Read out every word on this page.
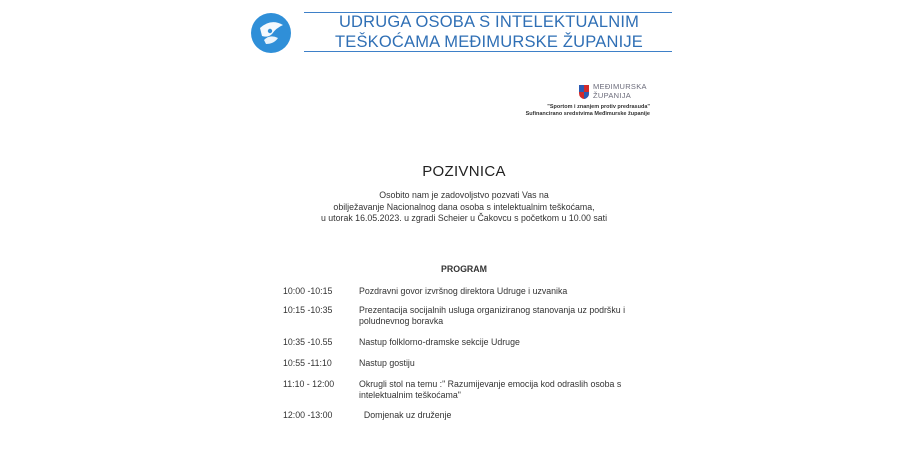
UDRUGA OSOBA S INTELEKTUALNIM
TEŠKOĆAMA MEĐIMURSKE ŽUPANIJE
MEĐIMURSKA
ŽUPANIJA
"Sportom i znanjem protiv predrasuda"
Sufinancirano sredstvima Međimurske županije
POZIVNICA
Osobito nam je zadovoljstvo pozvati Vas na
obilježavanje Nacionalnog dana osoba s intelektualnim teškoćama,
u utorak 16.05.2023. u zgradi Scheier u Čakovcu s početkom u 10.00 sati
PROGRAM
10:00 -10:15	Pozdravni govor izvršnog direktora Udruge i uzvanika
10:15 -10:35	Prezentacija socijalnih usluga organiziranog stanovanja uz podršku i poludnevnog boravka
10:35 -10.55	Nastup folklorno-dramske sekcije Udruge
10:55 -11:10	Nastup gostiju
11:10 - 12:00	Okrugli stol na temu :" Razumijevanje emocija kod odraslih osoba s intelektualnim teškoćama"
12:00 -13:00	Domjenak uz druženje
